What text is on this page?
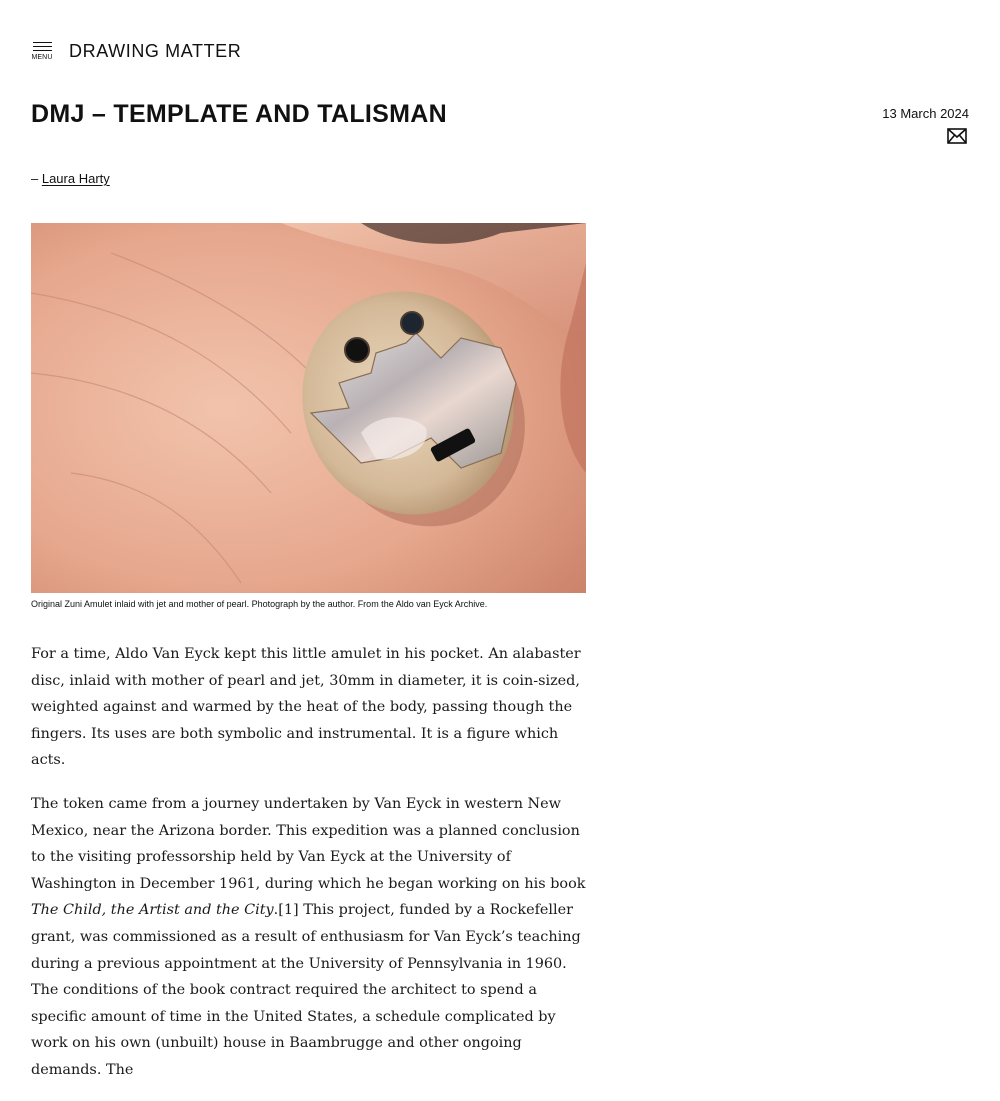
MENU DRAWING MATTER
DMJ – TEMPLATE AND TALISMAN	13 March 2024
– Laura Harty
Original Zuni Amulet inlaid with jet and mother of pearl. Photograph by the author. From the Aldo van Eyck Archive.

For a time, Aldo Van Eyck kept this little amulet in his pocket. An alabaster disc, inlaid with mother of pearl and jet, 30mm in diameter, it is coin-sized, weighted against and warmed by the heat of the body, passing though the fingers. Its uses are both symbolic and instrumental. It is a figure which acts.

The token came from a journey undertaken by Van Eyck in western New Mexico, near the Arizona border. This expedition was a planned conclusion to the visiting professorship held by Van Eyck at the University of Washington in December 1961, during which he began working on his book The Child, the Artist and the City.[1] This project, funded by a Rockefeller grant, was commissioned as a result of enthusiasm for Van Eyck’s teaching during a previous appointment at the University of Pennsylvania in 1960. The conditions of the book contract required the architect to spend a specific amount of time in the United States, a schedule complicated by work on his own (unbuilt) house in Baambrugge and other ongoing demands. The
